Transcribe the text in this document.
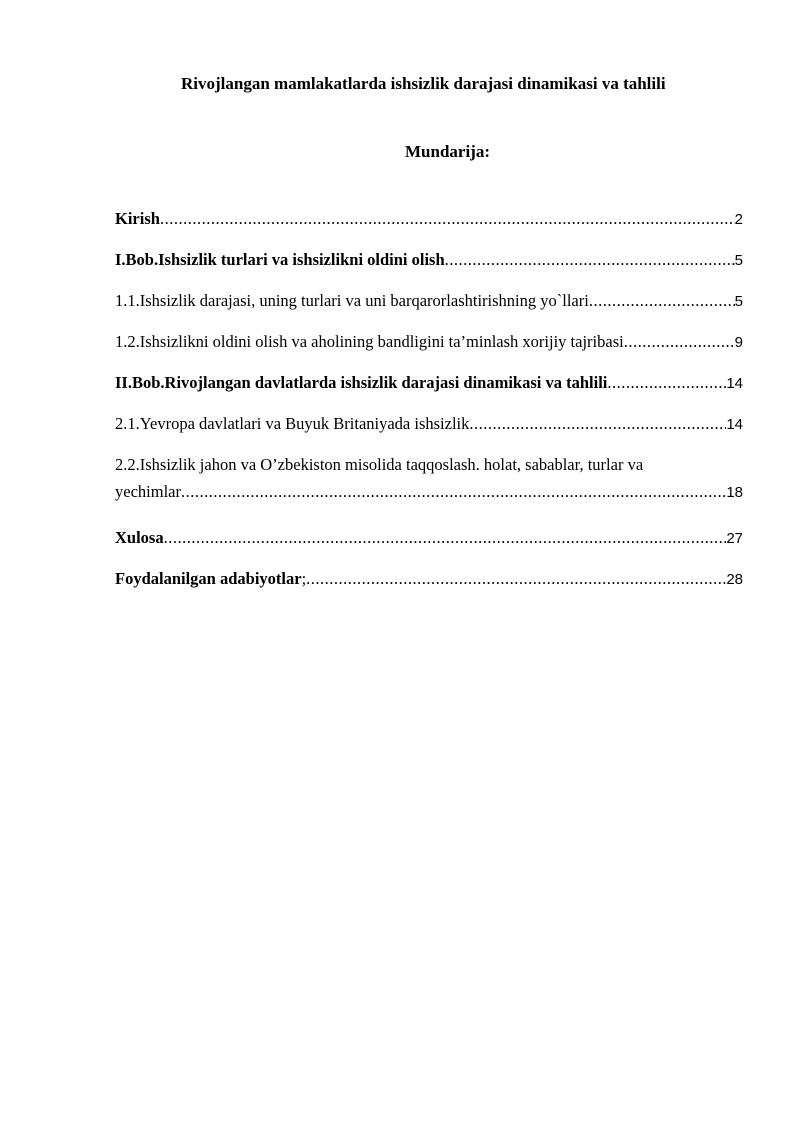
Rivojlangan mamlakatlarda ishsizlik darajasi dinamikasi va tahlili
Mundarija:
Kirish .....	2
I.Bob.Ishsizlik turlari va ishsizlikni oldini olish .....	5
1.1.Ishsizlik darajasi, uning turlari va uni barqarorlashtirishning yo`llari .....	5
1.2.Ishsizlikni oldini olish va aholining bandligini ta’minlash xorijiy tajribasi .....	9
II.Bob.Rivojlangan davlatlarda ishsizlik darajasi dinamikasi va tahlili .....	14
2.1.Yevropa davlatlari va Buyuk Britaniyada ishsizlik .....	14
2.2.Ishsizlik jahon va O’zbekiston misolida taqqoslash. holat, sabablar, turlar va
yechimlar .....	18
Xulosa .....	27
Foydalanilgan adabiyotlar ; .....	28
